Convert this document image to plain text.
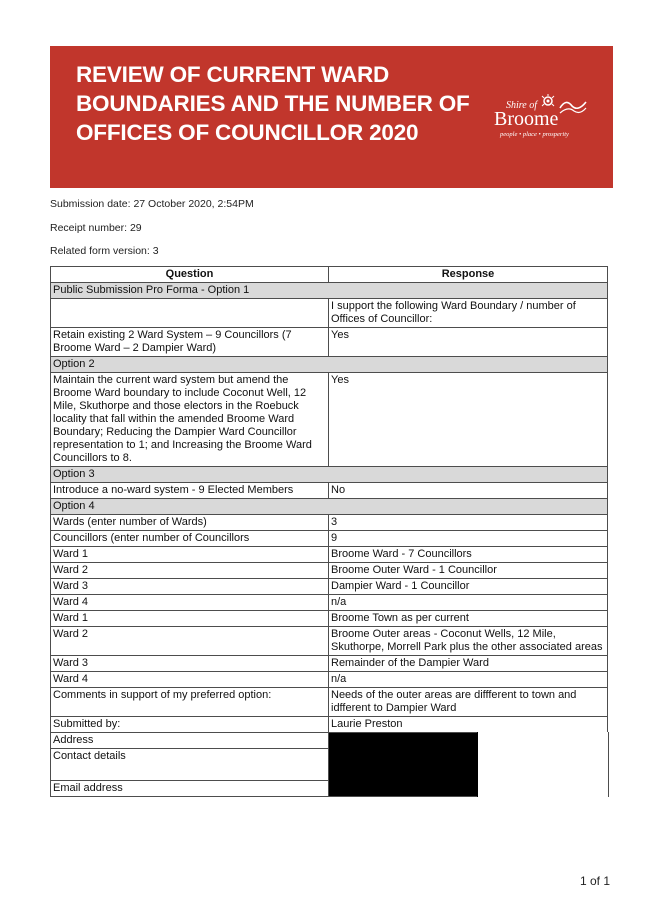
REVIEW OF CURRENT WARD BOUNDARIES AND THE NUMBER OF OFFICES OF COUNCILLOR 2020
Shire of
Broome
people • place • prosperity
Submission date: 27 October 2020, 2:54PM
Receipt number: 29
Related form version: 3
Question	Response
Public Submission Pro Forma - Option 1	
	I support the following Ward Boundary / number of Offices of Councillor:
Retain existing 2 Ward System – 9 Councillors (7 Broome Ward – 2 Dampier Ward)	Yes
Option 2	
Maintain the current ward system but amend the Broome Ward boundary to include Coconut Well, 12 Mile, Skuthorpe and those electors in the Roebuck locality that fall within the amended Broome Ward Boundary; Reducing the Dampier Ward Councillor representation to 1; and Increasing the Broome Ward Councillors to 8.	Yes
Option 3	
Introduce a no-ward system - 9 Elected Members	No
Option 4	
Wards (enter number of Wards)	3
Councillors (enter number of Councillors	9
Ward 1	Broome Ward - 7 Councillors
Ward 2	Broome Outer Ward - 1 Councillor
Ward 3	Dampier Ward - 1 Councillor
Ward 4	n/a
Ward 1	Broome Town as per current
Ward 2	Broome Outer areas - Coconut Wells, 12 Mile, Skuthorpe, Morrell Park plus the other associated areas
Ward 3	Remainder of the Dampier Ward
Ward 4	n/a
Comments in support of my preferred option:	Needs of the outer areas are diffferent to town and idfferent to Dampier Ward
Submitted by:	Laurie Preston
Address	

Contact details	
Email address	
1 of 1
